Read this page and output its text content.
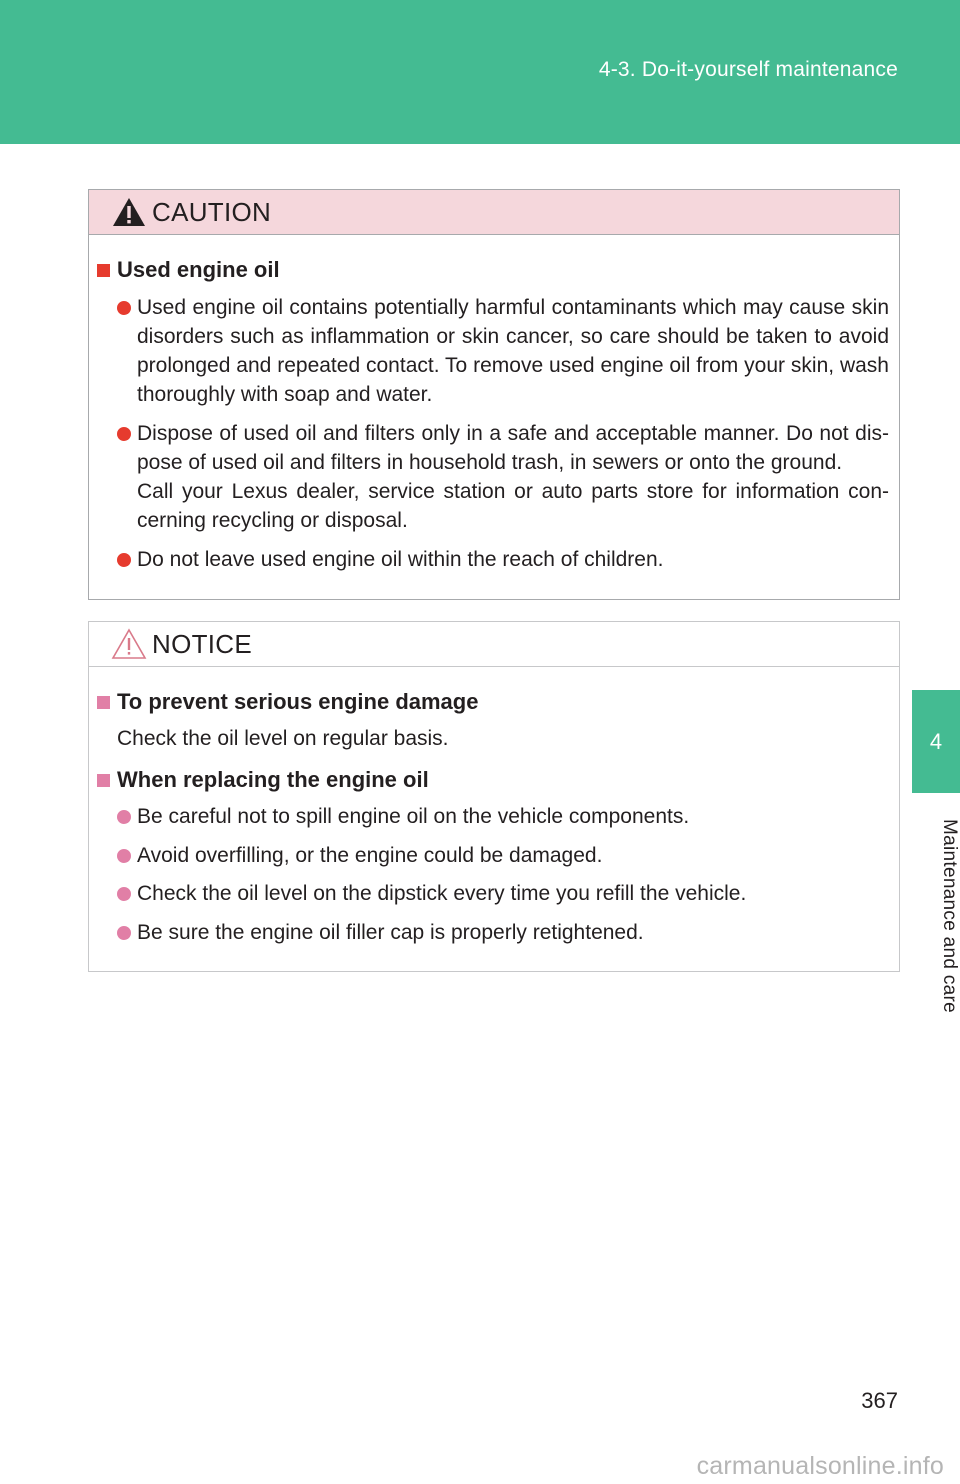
4-3. Do-it-yourself maintenance
4
Maintenance and care
CAUTION
Used engine oil
Used engine oil contains potentially harmful contaminants which may cause skin disorders such as inflammation or skin cancer, so care should be taken to avoid prolonged and repeated contact. To remove used engine oil from your skin, wash thoroughly with soap and water.
Dispose of used oil and filters only in a safe and acceptable manner. Do not dis- pose of used oil and filters in household trash, in sewers or onto the ground.
Call your Lexus dealer, service station or auto parts store for information con- cerning recycling or disposal.
Do not leave used engine oil within the reach of children.
NOTICE
To prevent serious engine damage
Check the oil level on regular basis.
When replacing the engine oil
Be careful not to spill engine oil on the vehicle components.
Avoid overfilling, or the engine could be damaged.
Check the oil level on the dipstick every time you refill the vehicle.
Be sure the engine oil filler cap is properly retightened.
367
carmanualsonline.info
